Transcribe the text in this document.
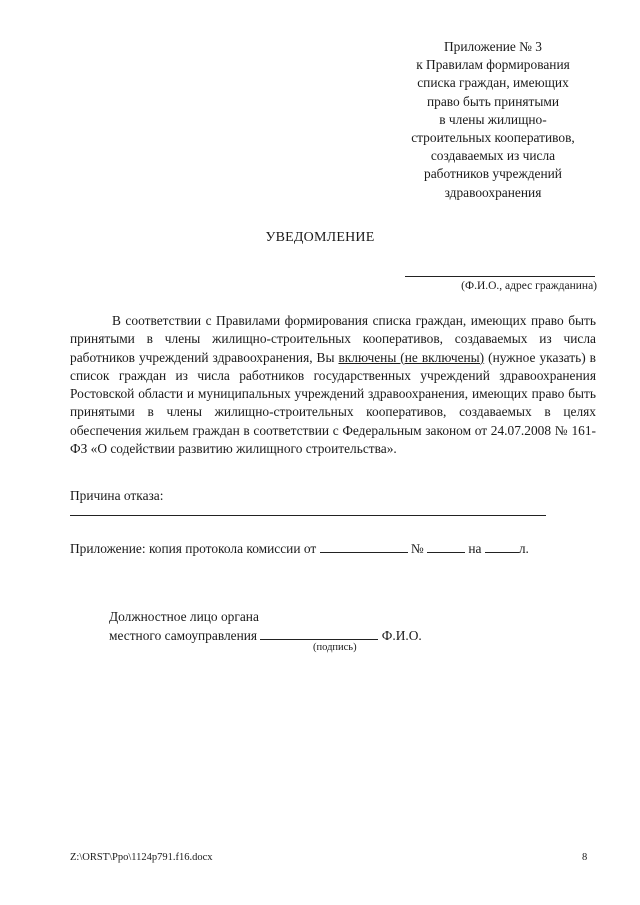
Приложение № 3
к Правилам формирования
списка граждан, имеющих
право быть принятыми
в члены жилищно-
строительных кооперативов,
создаваемых из числа
работников учреждений
здравоохранения
УВЕДОМЛЕНИЕ
(Ф.И.О., адрес гражданина)

В соответствии с Правилами формирования списка граждан, имеющих право быть принятыми в члены жилищно-строительных кооперативов, создаваемых из числа работников учреждений здравоохранения, Вы включены (не включены) (нужное указать) в список граждан из числа работников государственных учреждений здравоохранения Ростовской области и муниципальных учреждений здравоохранения, имеющих право быть принятыми в члены жилищно-строительных кооперативов, создаваемых в целях обеспечения жильем граждан в соответствии с Федеральным законом от 24.07.2008 № 161-ФЗ «О содействии развитию жилищного строительства».

Причина отказа:
Приложение: копия протокола комиссии от	№	на	л.
Должностное лицо органа
местного самоуправления	Ф.И.О.
(подпись)
Z:\ORST\Ppo\1124p791.f16.docx	8
